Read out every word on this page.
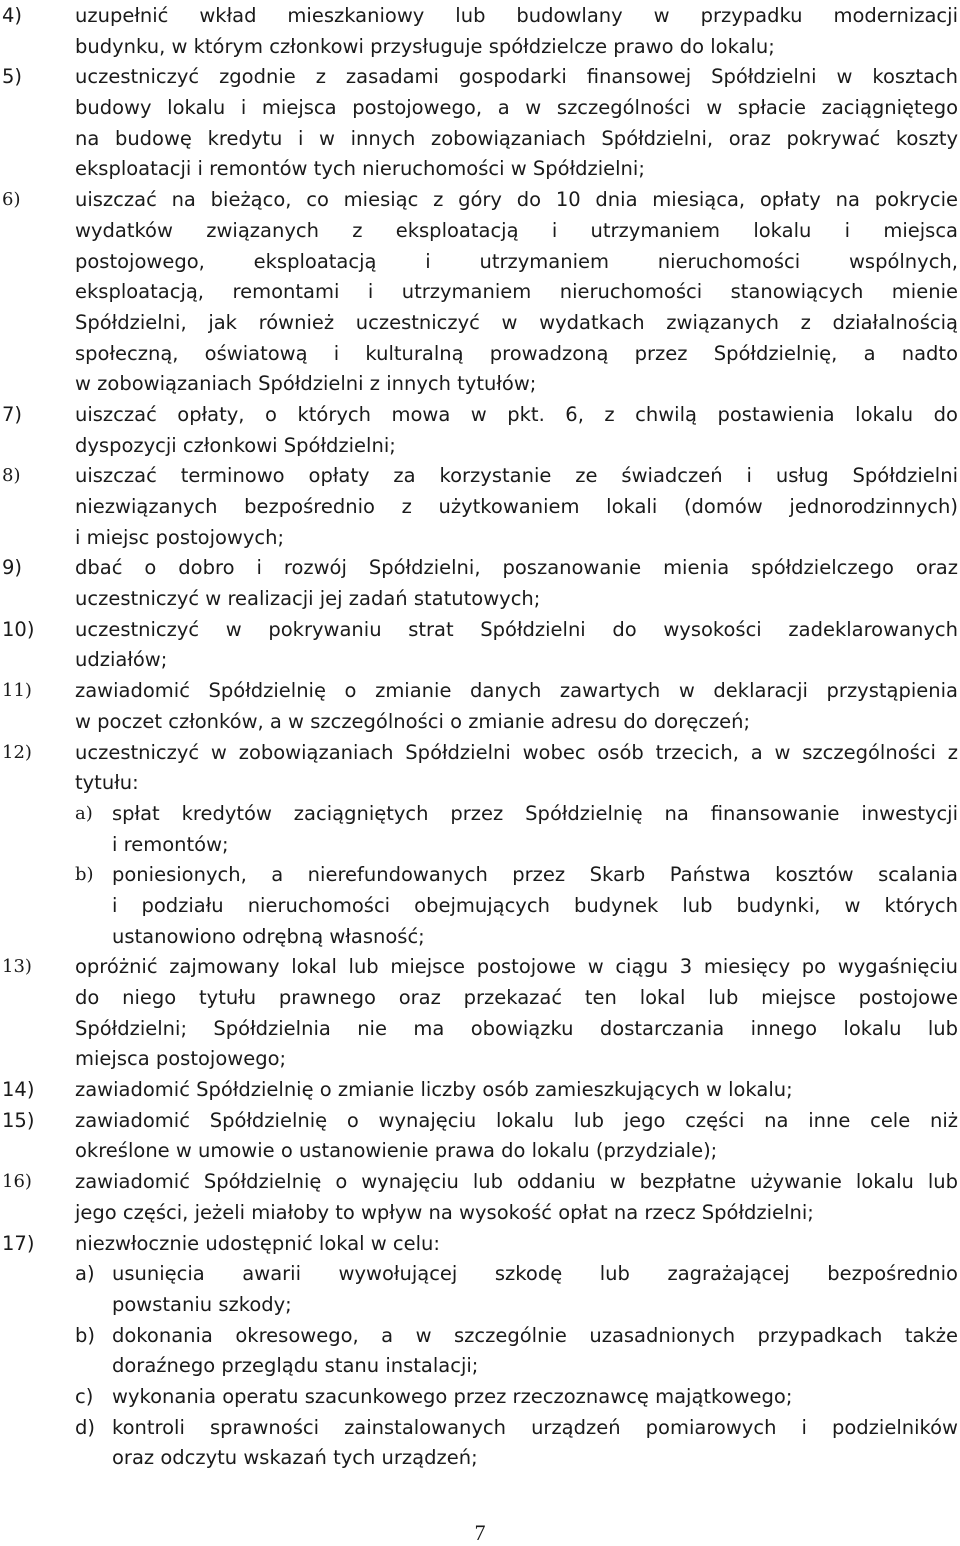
4)	uzupełnić wkład mieszkaniowy lub budowlany w przypadku modernizacji
budynku, w którym członkowi przysługuje spółdzielcze prawo do lokalu;
5)	uczestniczyć zgodnie z zasadami gospodarki finansowej Spółdzielni w kosztach
budowy lokalu i miejsca postojowego, a w szczególności w spłacie zaciągniętego
na budowę kredytu i w innych zobowiązaniach Spółdzielni, oraz pokrywać koszty
eksploatacji i remontów tych nieruchomości w Spółdzielni;
6)	uiszczać na bieżąco, co miesiąc z góry do 10 dnia miesiąca, opłaty na pokrycie
wydatków związanych z eksploatacją i utrzymaniem lokalu i miejsca
postojowego, eksploatacją i utrzymaniem nieruchomości wspólnych,
eksploatacją, remontami i utrzymaniem nieruchomości stanowiących mienie
Spółdzielni, jak również uczestniczyć w wydatkach związanych z działalnością
społeczną, oświatową i kulturalną prowadzoną przez Spółdzielnię, a nadto
w zobowiązaniach Spółdzielni z innych tytułów;
7)	uiszczać opłaty, o których mowa w pkt. 6, z chwilą postawienia lokalu do
dyspozycji członkowi Spółdzielni;
8)	uiszczać terminowo opłaty za korzystanie ze świadczeń i usług Spółdzielni
niezwiązanych bezpośrednio z użytkowaniem lokali (domów jednorodzinnych)
i miejsc postojowych;
9)	dbać o dobro i rozwój Spółdzielni, poszanowanie mienia spółdzielczego oraz
uczestniczyć w realizacji jej zadań statutowych;
10) uczestniczyć w pokrywaniu strat Spółdzielni do wysokości zadeklarowanych
udziałów;
11) zawiadomić Spółdzielnię o zmianie danych zawartych w deklaracji przystąpienia
w poczet członków, a w szczególności o zmianie adresu do doręczeń;
12) uczestniczyć w zobowiązaniach Spółdzielni wobec osób trzecich, a w szczególności z
tytułu:
a) spłat kredytów zaciągniętych przez Spółdzielnię na finansowanie inwestycji
i remontów;
b) poniesionych, a nierefundowanych przez Skarb Państwa kosztów scalania
i podziału nieruchomości obejmujących budynek lub budynki, w których
ustanowiono odrębną własność;
13) opróżnić zajmowany lokal lub miejsce postojowe w ciągu 3 miesięcy po wygaśnięciu
do niego tytułu prawnego oraz przekazać ten lokal lub miejsce postojowe
Spółdzielni; Spółdzielnia nie ma obowiązku dostarczania innego lokalu lub
miejsca postojowego;
14) zawiadomić Spółdzielnię o zmianie liczby osób zamieszkujących w lokalu;
15) zawiadomić Spółdzielnię o wynajęciu lokalu lub jego części na inne cele niż
określone w umowie o ustanowienie prawa do lokalu (przydziale);
16) zawiadomić Spółdzielnię o wynajęciu lub oddaniu w bezpłatne używanie lokalu lub
jego części, jeżeli miałoby to wpływ na wysokość opłat na rzecz Spółdzielni;
17) niezwłocznie udostępnić lokal w celu:
a) usunięcia awarii wywołującej szkodę lub zagrażającej bezpośrednio
powstaniu szkody;
b) dokonania okresowego, a w szczególnie uzasadnionych przypadkach także
doraźnego przeglądu stanu instalacji;
c) wykonania operatu szacunkowego przez rzeczoznawcę majątkowego;
d) kontroli sprawności zainstalowanych urządzeń pomiarowych i podzielników
oraz odczytu wskazań tych urządzeń;
7
